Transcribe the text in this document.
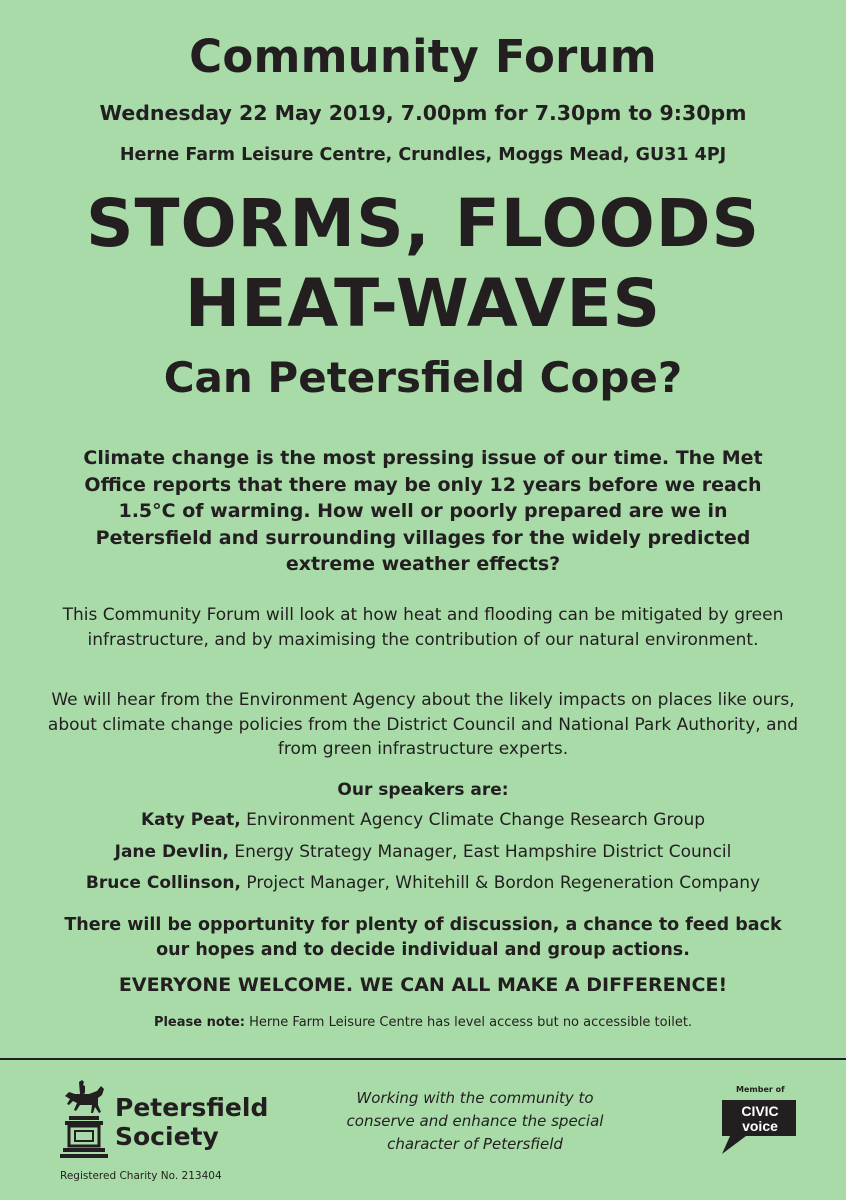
Community Forum
Wednesday 22 May 2019, 7.00pm for 7.30pm to 9:30pm
Herne Farm Leisure Centre, Crundles, Moggs Mead, GU31 4PJ
STORMS, FLOODS
HEAT-WAVES
Can Petersfield Cope?
Climate change is the most pressing issue of our time. The Met Office reports that there may be only 12 years before we reach 1.5°C of warming. How well or poorly prepared are we in Petersfield and surrounding villages for the widely predicted extreme weather effects?
This Community Forum will look at how heat and flooding can be mitigated by green infrastructure, and by maximising the contribution of our natural environment.
We will hear from the Environment Agency about the likely impacts on places like ours, about climate change policies from the District Council and National Park Authority, and from green infrastructure experts.
Our speakers are:
Katy Peat, Environment Agency Climate Change Research Group
Jane Devlin, Energy Strategy Manager, East Hampshire District Council
Bruce Collinson, Project Manager, Whitehill & Bordon Regeneration Company
There will be opportunity for plenty of discussion, a chance to feed back our hopes and to decide individual and group actions.
EVERYONE WELCOME. WE CAN ALL MAKE A DIFFERENCE!
Please note: Herne Farm Leisure Centre has level access but no accessible toilet.
Petersfield
Society
Registered Charity No. 213404
Working with the community to conserve and enhance the special character of Petersfield
Member of
CIVIC
voice
